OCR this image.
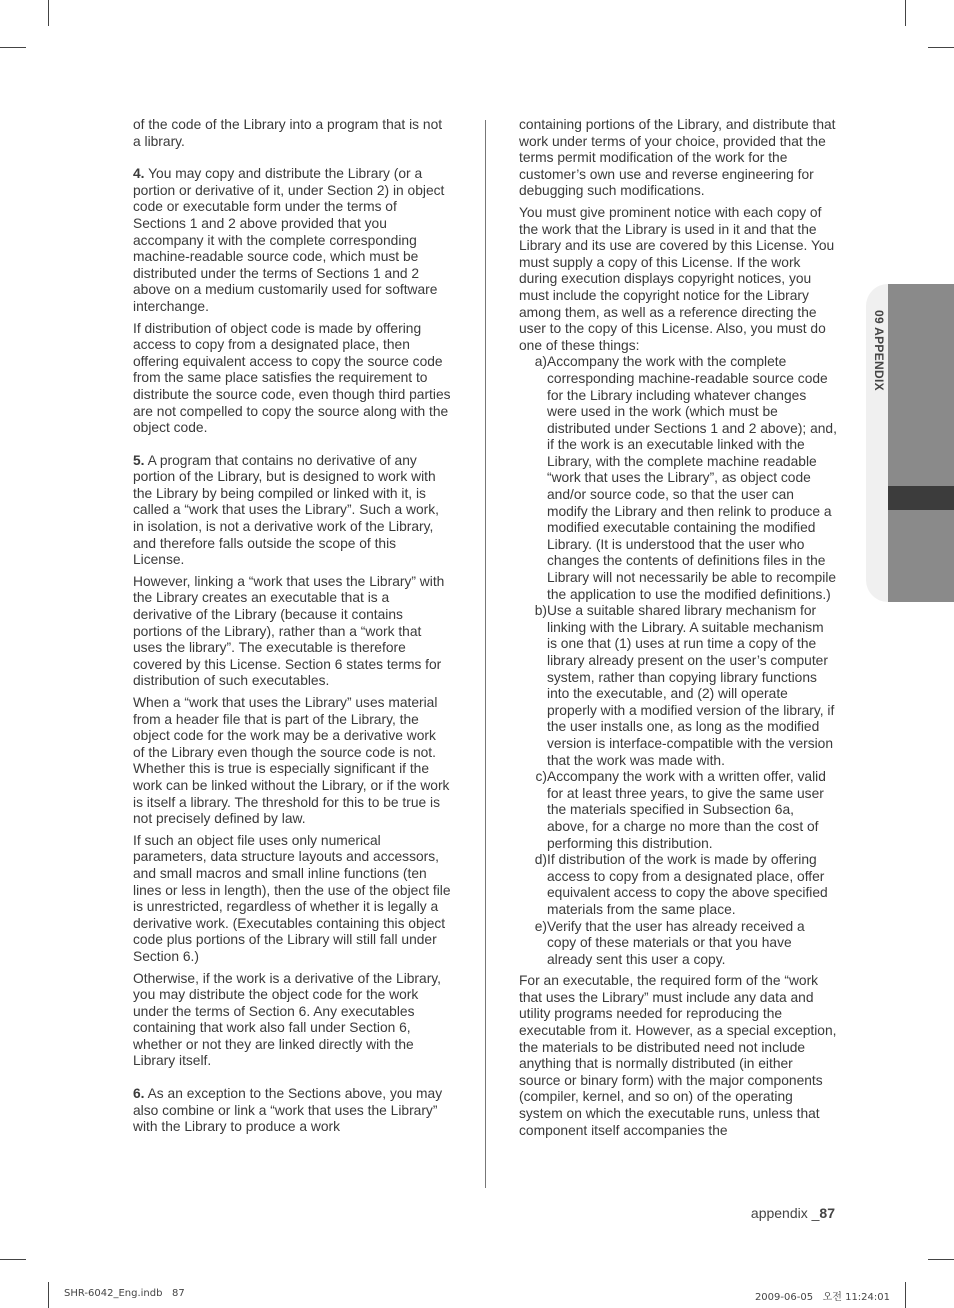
of the code of the Library into a program that is not a library.

4. You may copy and distribute the Library (or a portion or derivative of it, under Section 2) in object code or executable form under the terms of Sections 1 and 2 above provided that you accompany it with the complete corresponding machine-readable source code, which must be distributed under the terms of Sections 1 and 2 above on a medium customarily used for software interchange.

If distribution of object code is made by offering access to copy from a designated place, then offering equivalent access to copy the source code from the same place satisfies the requirement to distribute the source code, even though third parties are not compelled to copy the source along with the object code.

5. A program that contains no derivative of any portion of the Library, but is designed to work with the Library by being compiled or linked with it, is called a “work that uses the Library”. Such a work, in isolation, is not a derivative work of the Library, and therefore falls outside the scope of this License.

However, linking a “work that uses the Library” with the Library creates an executable that is a derivative of the Library (because it contains portions of the Library), rather than a “work that uses the library”. The executable is therefore covered by this License. Section 6 states terms for distribution of such executables.

When a “work that uses the Library” uses material from a header file that is part of the Library, the object code for the work may be a derivative work of the Library even though the source code is not. Whether this is true is especially significant if the work can be linked without the Library, or if the work is itself a library. The threshold for this to be true is not precisely defined by law.

If such an object file uses only numerical parameters, data structure layouts and accessors, and small macros and small inline functions (ten lines or less in length), then the use of the object file is unrestricted, regardless of whether it is legally a derivative work. (Executables containing this object code plus portions of the Library will still fall under Section 6.)

Otherwise, if the work is a derivative of the Library, you may distribute the object code for the work under the terms of Section 6. Any executables containing that work also fall under Section 6, whether or not they are linked directly with the Library itself.

6. As an exception to the Sections above, you may also combine or link a “work that uses the Library” with the Library to produce a work

containing portions of the Library, and distribute that work under terms of your choice, provided that the terms permit modification of the work for the customer’s own use and reverse engineering for debugging such modifications.

You must give prominent notice with each copy of the work that the Library is used in it and that the Library and its use are covered by this License. You must supply a copy of this License. If the work during execution displays copyright notices, you must include the copyright notice for the Library among them, as well as a reference directing the user to the copy of this License. Also, you must do one of these things:

a) Accompany the work with the complete corresponding machine-readable source code for the Library including whatever changes were used in the work (which must be distributed under Sections 1 and 2 above); and, if the work is an executable linked with the Library, with the complete machine readable “work that uses the Library”, as object code and/or source code, so that the user can modify the Library and then relink to produce a modified executable containing the modified Library. (It is understood that the user who changes the contents of definitions files in the Library will not necessarily be able to recompile the application to use the modified definitions.)
b) Use a suitable shared library mechanism for linking with the Library. A suitable mechanism is one that (1) uses at run time a copy of the library already present on the user’s computer system, rather than copying library functions into the executable, and (2) will operate properly with a modified version of the library, if the user installs one, as long as the modified version is interface-compatible with the version that the work was made with.
c) Accompany the work with a written offer, valid for at least three years, to give the same user the materials specified in Subsection 6a, above, for a charge no more than the cost of performing this distribution.
d) If distribution of the work is made by offering access to copy from a designated place, offer equivalent access to copy the above specified materials from the same place.
e) Verify that the user has already received a copy of these materials or that you have already sent this user a copy.

For an executable, the required form of the “work that uses the Library” must include any data and utility programs needed for reproducing the executable from it. However, as a special exception, the materials to be distributed need not include anything that is normally distributed (in either source or binary form) with the major components (compiler, kernel, and so on) of the operating system on which the executable runs, unless that component itself accompanies the

09 APPENDIX
appendix _87
SHR-6042_Eng.indb   87	2009-06-05   오전 11:24:01
